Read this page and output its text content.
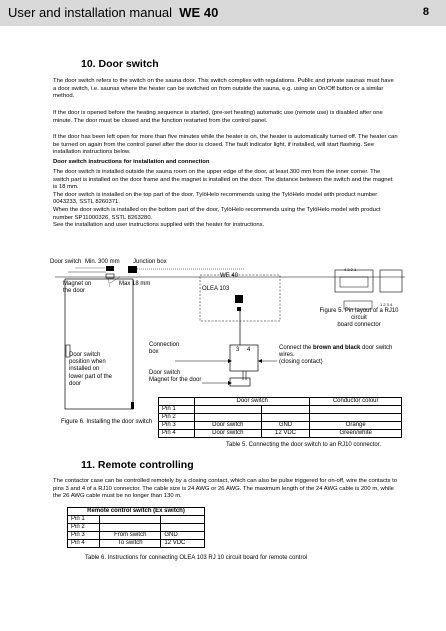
User and installation manual WE 40	8
10. Door switch

The door switch refers to the switch on the sauna door. This switch complies with regulations. Public and private saunas must have a door switch, i.e. saunas where the heater can be switched on from outside the sauna, e.g. using an On/Off button or a similar method.

If the door is opened before the heating sequence is started, (pre-set heating) automatic use (remote use) is disabled after one minute. The door must be closed and the function restarted from the control panel.

If the door has been left open for more than five minutes while the heater is on, the heater is automatically turned off. The heater can be turned on again from the control panel after the door is closed. The fault indicator light, if installed, will start flashing. See installation instructions below.

Door switch instructions for installation and connection

The door switch is installed outside the sauna room on the upper edge of the door, at least 300 mm from the inner corner. The switch part is installed on the door frame and the magnet is installed on the door. The distance between the switch and the magnet is 18 mm.
The door switch is installed on the top part of the door, TylöHelo recommends using the TylöHelo model with product number 0043233, SSTL 8260371.
When the door switch is installed on the bottom part of the door, TylöHelo recommends using the TylöHelo model with product number SP11000326, SSTL 8263280.
See the installation and user instructions supplied with the heater for instructions.

Door switch Min. 300 mm Junction box
WE 40
OLEA 103
Magnet on
the door
Max 18 mm
Figure 5. Pin layout of a RJ10 circuit
board connector
Connection
box	3 4
Door switch
position when
installed on
lower part of the
door
Connect the brown and black door switch wires.
(closing contact)
Door switch
Magnet for the door
4 3 2 1
1 2 3 4
Figure 6. Installing the door switch
	Door switch		Conductor colour
Pin 1			
Pin 2			
Pin 3	Door switch	GND	Orange
Pin 4	Door switch	12 VDC	Green/white
Table 5. Connecting the door switch to an RJ10 connector.
11. Remote controlling

The contactor case can be controlled remotely by a closing contact, which can also be pulse triggered for on-off, wire the contacts to pins 3 and 4 of a RJ10 connector. The cable size is 24 AWG or 26 AWG. The maximum length of the 24 AWG cable is 200 m, while the 26 AWG cable must be no longer than 130 m.

Remote control switch (Ex switch)		
Pin 1		
Pin 2		
Pin 3	From switch	GND
Pin 4	To switch	12 VDC
Table 6. Instructions for connecting OLEA 103 RJ 10 circuit board for remote control
